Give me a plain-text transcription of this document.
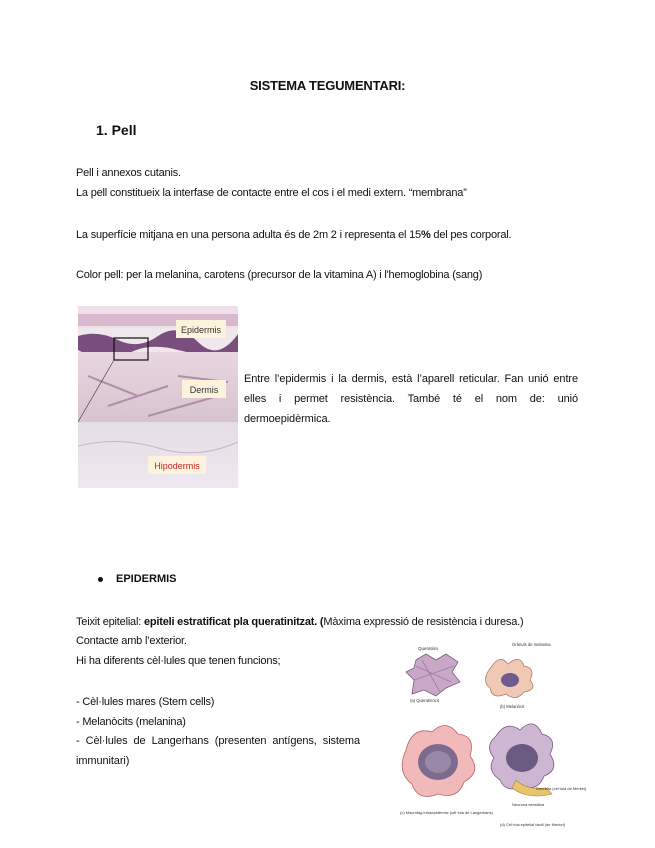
SISTEMA TEGUMENTARI:
1. Pell
Pell i annexos cutanis.
La pell constitueix la interfase de contacte entre el cos i el medi extern. “membrana”
La superfície mitjana en una persona adulta és de 2m 2 i representa el 15% del pes corporal.
Color pell: per la melanina, carotens (precursor de la vitamina A) i l'hemoglobina (sang)
Epidermis
Dermis
Hipodermis
Entre l’epidermis i la dermis, està l’aparell reticular. Fan unió entre elles i permet resistència. També té el nom de: unió dermoepidèrmica.
EPIDERMIS
Teixit epitelial: epiteli estratificat pla queratinitzat. (Màxima expressió de resistència i duresa.)
Contacte amb l’exterior.
Hi ha diferents cèl·lules que tenen funcions;
- Cèl·lules mares (Stem cells)
- Melanòcits (melanina)
- Cèl·lules de Langerhans (presenten antígens, sistema immunitari)
Queratina
(a) Queratinòcit
Grànuls de melanina
(b) Melanòcit
(c) Macròfag intraepidèrmic (cèl·lula de Langerhans)
Dendrita (cèl·lula de Merkel)
Neurona sensitiva
(d) Cèl·lula epitelial tàctil (de Merkel)
